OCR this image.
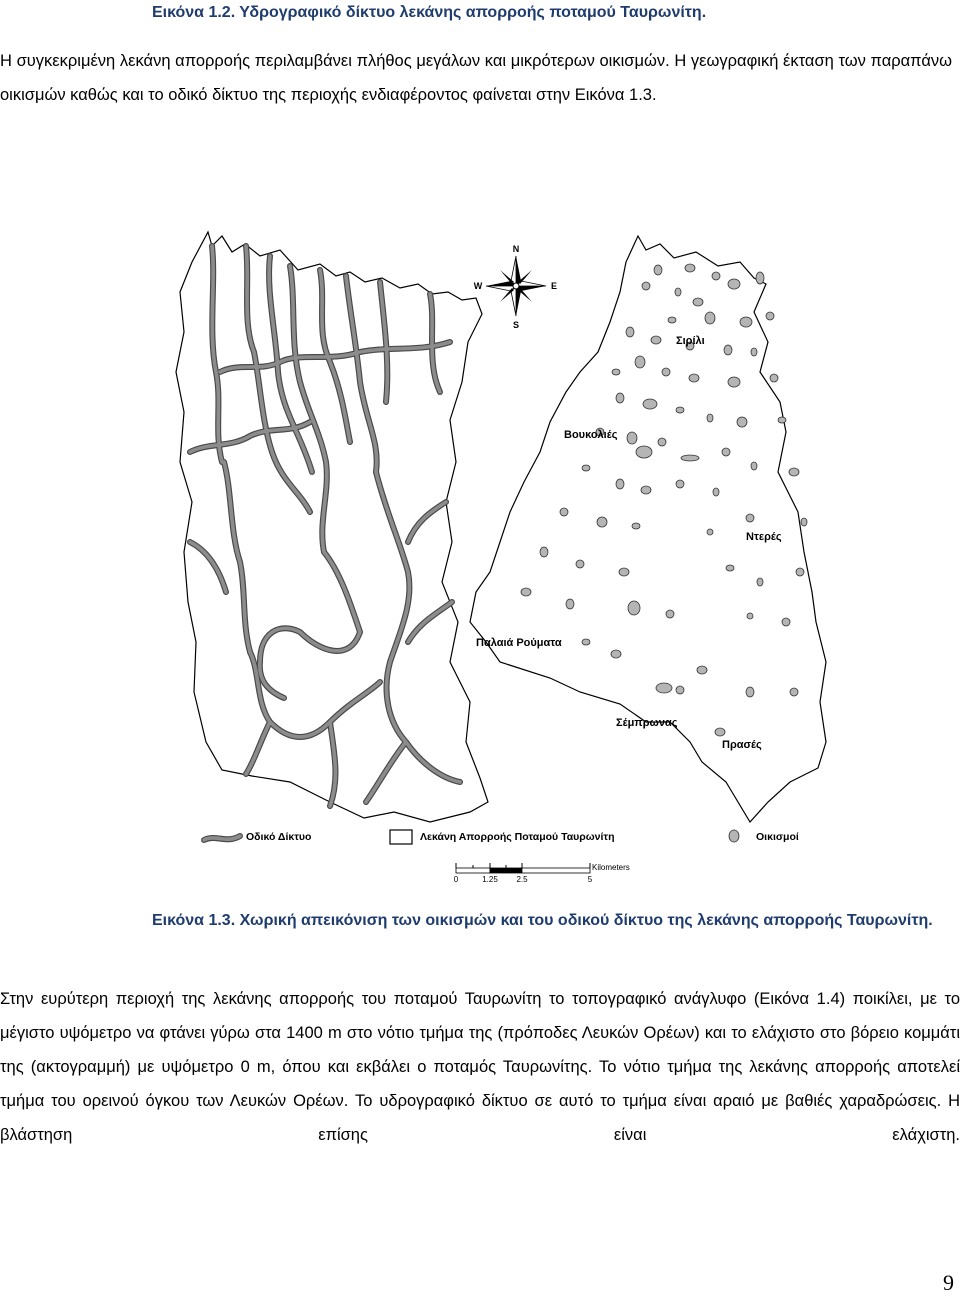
Εικόνα 1.2. Υδρογραφικό δίκτυο λεκάνης απορροής ποταμού Ταυρωνίτη.
Η συγκεκριμένη λεκάνη απορροής περιλαμβάνει πλήθος μεγάλων και μικρότερων οικισμών. Η γεωγραφική έκταση των παραπάνω οικισμών καθώς και το οδικό δίκτυο της περιοχής ενδιαφέροντος φαίνεται στην Εικόνα 1.3.
N
S
E
W
Σιρίλι
Βουκολιές
Ντερές
Παλαιά Ρούματα
Σέμπρωνας
Πρασές
Οδικό Δίκτυο	Λεκάνη Απορροής Ποταμού Ταυρωνίτη	Οικισμοί
Kilometers
0	1.25 2.5	5
Εικόνα 1.3. Χωρική απεικόνιση των οικισμών και του οδικού δίκτυο της λεκάνης απορροής Ταυρωνίτη.
Στην ευρύτερη περιοχή της λεκάνης απορροής του ποταμού Ταυρωνίτη το τοπογραφικό ανάγλυφο (Εικόνα 1.4) ποικίλει, με το μέγιστο υψόμετρο να φτάνει γύρω στα 1400 m στο νότιο τμήμα της (πρόποδες Λευκών Ορέων) και το ελάχιστο στο βόρειο κομμάτι της (ακτογραμμή) με υψόμετρο 0 m, όπου και εκβάλει ο ποταμός Ταυρωνίτης. Το νότιο τμήμα της λεκάνης απορροής αποτελεί τμήμα του ορεινού όγκου των Λευκών Ορέων. Το υδρογραφικό δίκτυο σε αυτό το τμήμα είναι αραιό με βαθιές χαραδρώσεις. Η βλάστηση επίσης είναι ελάχιστη.
9
